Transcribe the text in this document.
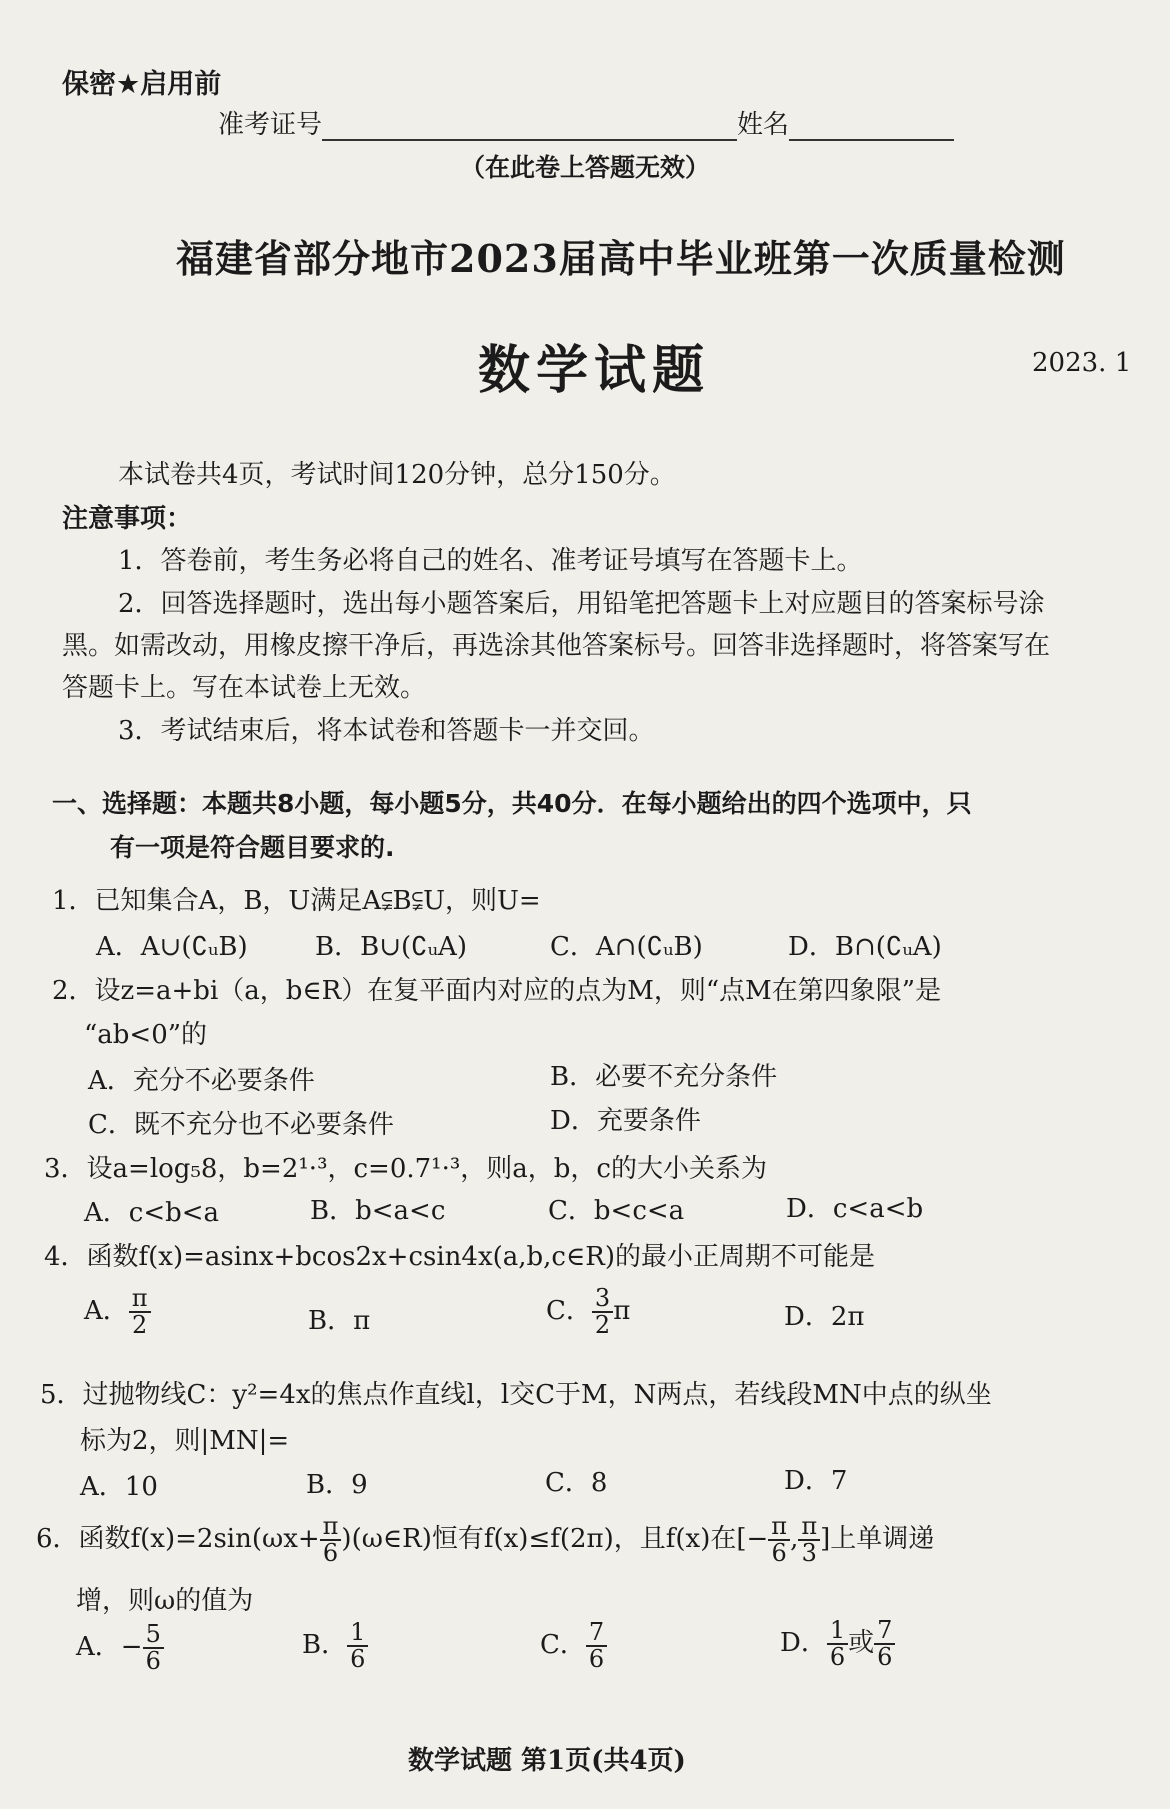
保密★启用前
准考证号	姓名
（在此卷上答题无效）
福建省部分地市2023届高中毕业班第一次质量检测
数学试题	2023. 1
本试卷共4页，考试时间120分钟，总分150分。
注意事项：
1．答卷前，考生务必将自己的姓名、准考证号填写在答题卡上。
2．回答选择题时，选出每小题答案后，用铅笔把答题卡上对应题目的答案标号涂
黑。如需改动，用橡皮擦干净后，再选涂其他答案标号。回答非选择题时，将答案写在
答题卡上。写在本试卷上无效。
3．考试结束后，将本试卷和答题卡一并交回。
一、选择题：本题共8小题，每小题5分，共40分．在每小题给出的四个选项中，只
有一项是符合题目要求的.
1．已知集合A，B，U满足A⫋B⫋U，则U=
A．A∪(∁ᵤB)	B．B∪(∁ᵤA)	C．A∩(∁ᵤB)	D．B∩(∁ᵤA)
2．设z=a+bi（a，b∈R）在复平面内对应的点为M，则“点M在第四象限”是
“ab<0”的
A．充分不必要条件	B．必要不充分条件
C．既不充分也不必要条件	D．充要条件
3．设a=log₅8，b=2¹·³，c=0.7¹·³，则a，b，c的大小关系为
A．c<b<a	B．b<a<c	C．b<c<a	D．c<a<b
4．函数f(x)=asinx+bcos2x+csin4x(a,b,c∈R)的最小正周期不可能是
A． $\frac{\pi}{2}$	B．π	C． $\frac{3}{2}$ π	D．2π
5．过抛物线C：y²=4x的焦点作直线l，l交C于M，N两点，若线段MN中点的纵坐
标为2，则|MN|=
A．10	B．9	C．8	D．7
6．函数$f(x)=2\sin(\omega x+ \frac{\pi}{6}$ )(ω∈R)恒有f(x)≤f(2π)，且f(x)在[− $\frac{\pi}{6}$ , $\frac{\pi}{3}$ ]上单调递
增，则ω的值为
A．− $\frac{5}{6}$	B． $\frac{1}{6}$	C． $\frac{7}{6}$	D． $\frac{1}{6}$ 或 $\frac{7}{6}$
数学试题 第1页(共4页)
